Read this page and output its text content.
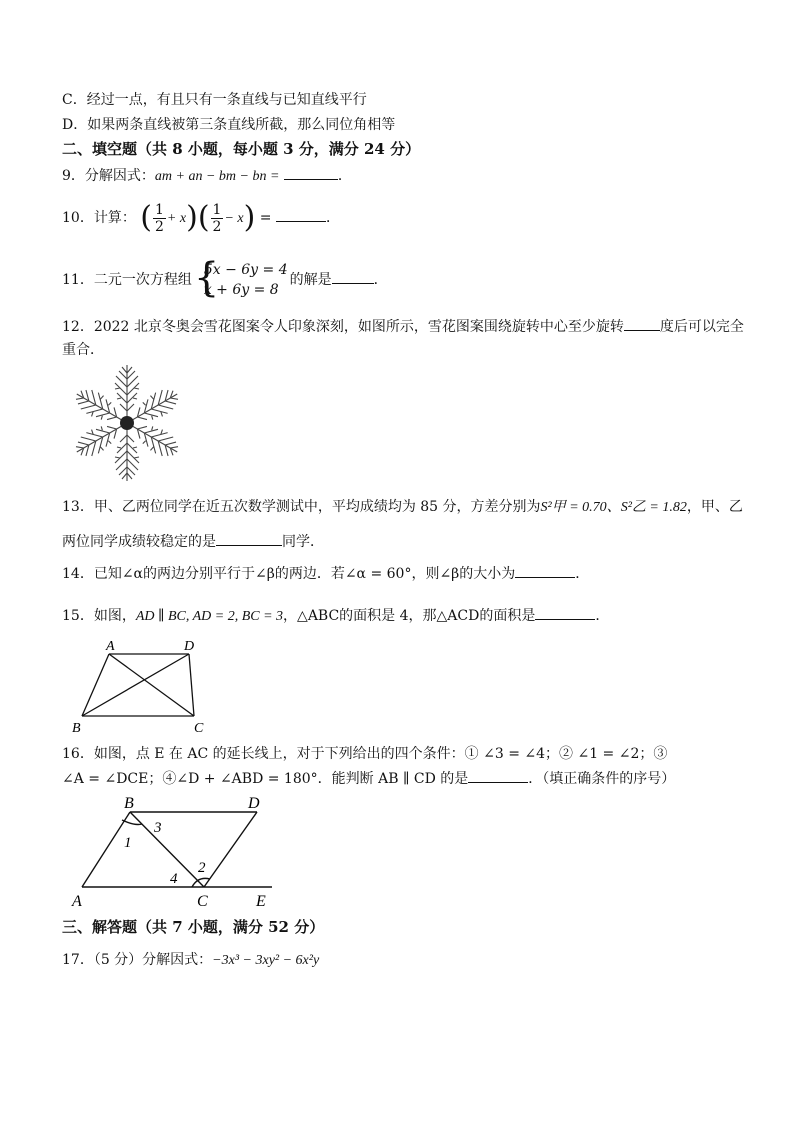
C．经过一点，有且只有一条直线与已知直线平行
D．如果两条直线被第三条直线所截，那么同位角相等
二、填空题（共 8 小题，每小题 3 分，满分 24 分）
9．分解因式：am + an − bm − bn =	．
10．计算： ( $\frac{1}{2} + x)( \frac{1}{2} - x)$ =	．
11．二元一次方程组 {
5x − 6y = 4
x + 6y = 8
的解是	．
12．2022 北京冬奥会雪花图案令人印象深刻，如图所示，雪花图案围绕旋转中心至少旋转	度后可以完全
重合．
13．甲、乙两位同学在近五次数学测试中，平均成绩均为 85 分，方差分别为S²甲 = 0.70、S²乙 = 1.82，甲、乙
两位同学成绩较稳定的是	同学．
14．已知∠α的两边分别平行于∠β的两边．若∠α = 60°，则∠β的大小为	．
15．如图，AD ∥ BC, AD = 2, BC = 3，△ABC的面积是 4，那△ACD的面积是	．
A	D
B	C
16．如图，点 E 在 AC 的延长线上，对于下列给出的四个条件：① ∠3 = ∠4；② ∠1 = ∠2；③
∠A = ∠DCE；④∠D + ∠ABD = 180°．能判断 AB ∥ CD 的是	．（填正确条件的序号）
B	D
A	C	E
1
2
3
4
三、解答题（共 7 小题，满分 52 分）
17．（5 分）分解因式：−3x³ − 3xy² − 6x²y
